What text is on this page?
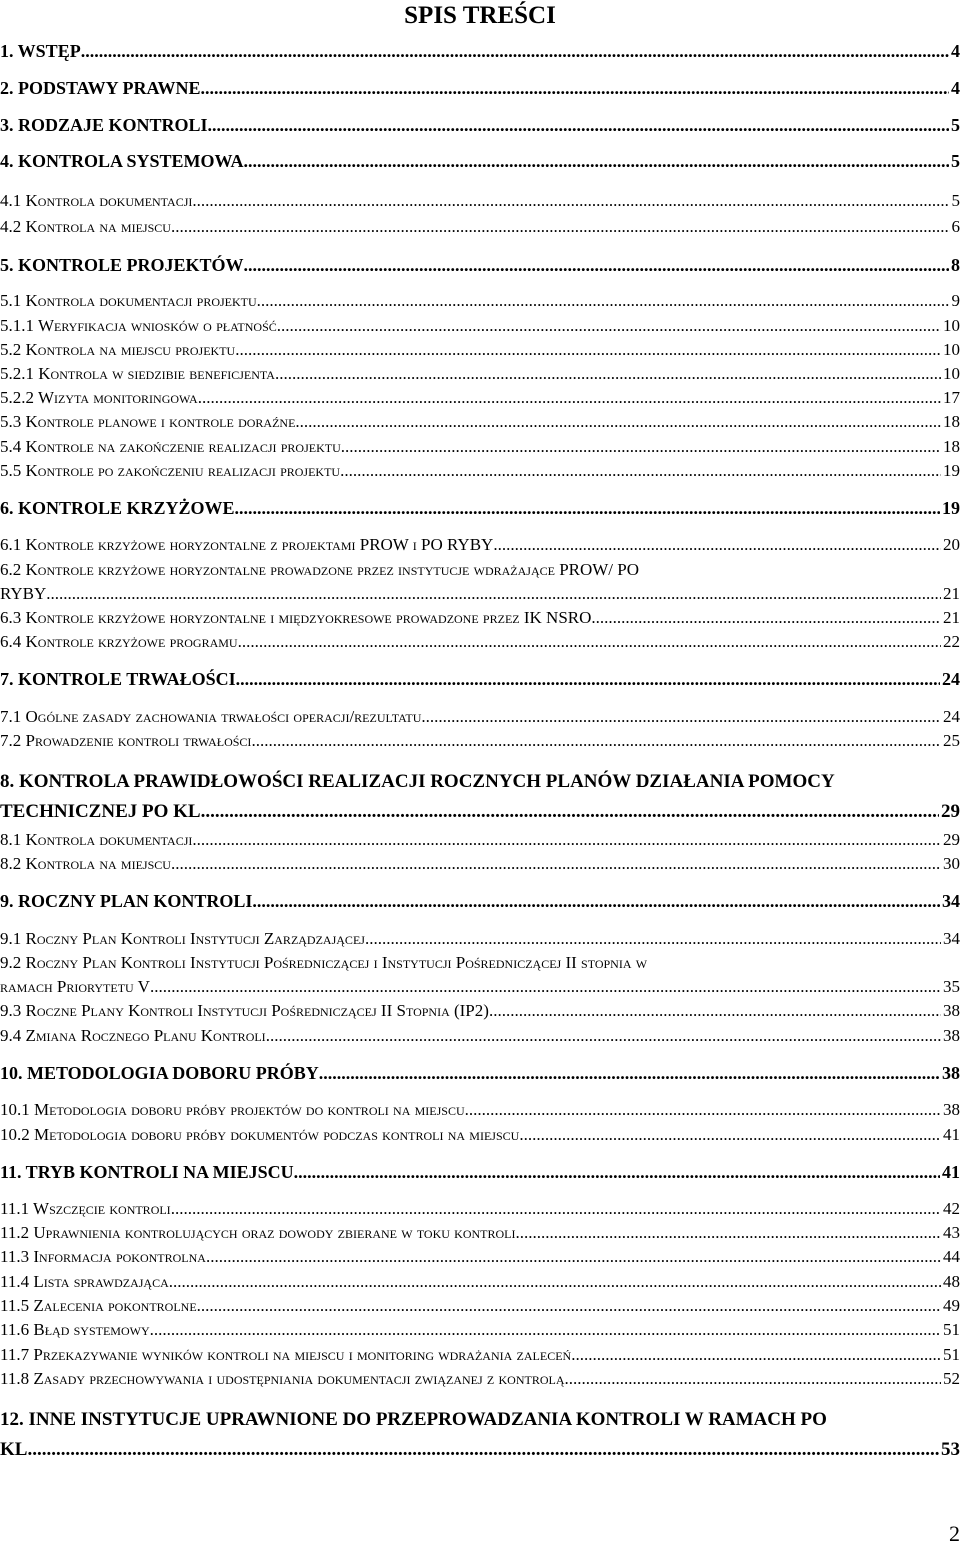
SPIS TREŚCI
1. WSTĘP .....	4
2. PODSTAWY PRAWNE .....	4
3. RODZAJE KONTROLI .....	5
4. KONTROLA SYSTEMOWA .....	5
4.1 Kontrola dokumentacji .....	5
4.2 Kontrola na miejscu .....	6
5. KONTROLE PROJEKTÓW .....	8
5.1 Kontrola dokumentacji projektu .....	9
5.1.1 Weryfikacja wniosków o płatność .....	10
5.2 Kontrola na miejscu projektu .....	10
5.2.1 Kontrola w siedzibie beneficjenta .....	10
5.2.2 Wizyta monitoringowa .....	17
5.3 Kontrole planowe i kontrole doraźne .....	18
5.4 Kontrole na zakończenie realizacji projektu .....	18
5.5 Kontrole po zakończeniu realizacji projektu .....	19
6. KONTROLE KRZYŻOWE .....	19
6.1 Kontrole krzyżowe horyzontalne z projektami PROW i PO RYBY .....	20
6.2 Kontrole krzyżowe horyzontalne prowadzone przez instytucje wdrażające PROW/ PO
RYBY .....	21
6.3 Kontrole krzyżowe horyzontalne i międzyokresowe prowadzone przez IK NSRO .....	21
6.4 Kontrole krzyżowe programu .....	22
7. KONTROLE TRWAŁOŚCI .....	24
7.1 Ogólne zasady zachowania trwałości operacji/rezultatu .....	24
7.2 Prowadzenie kontroli trwałości .....	25
8. KONTROLA PRAWIDŁOWOŚCI REALIZACJI ROCZNYCH PLANÓW DZIAŁANIA POMOCY
TECHNICZNEJ PO KL .....	29
8.1 Kontrola dokumentacji .....	29
8.2 Kontrola na miejscu .....	30
9. ROCZNY PLAN KONTROLI .....	34
9.1 Roczny Plan Kontroli Instytucji Zarządzającej .....	34
9.2 Roczny Plan Kontroli Instytucji Pośredniczącej i Instytucji Pośredniczącej II stopnia w
ramach Priorytetu V .....	35
9.3 Roczne Plany Kontroli Instytucji Pośredniczącej II Stopnia (IP2) .....	38
9.4 Zmiana Rocznego Planu Kontroli .....	38
10. METODOLOGIA DOBORU PRÓBY .....	38
10.1 Metodologia doboru próby projektów do kontroli na miejscu .....	38
10.2 Metodologia doboru próby dokumentów podczas kontroli na miejscu .....	41
11. TRYB KONTROLI NA MIEJSCU .....	41
11.1 Wszczęcie kontroli .....	42
11.2 Uprawnienia kontrolujących oraz dowody zbierane w toku kontroli .....	43
11.3 Informacja pokontrolna .....	44
11.4 Lista sprawdzająca .....	48
11.5 Zalecenia pokontrolne .....	49
11.6 Błąd systemowy .....	51
11.7 Przekazywanie wyników kontroli na miejscu i monitoring wdrażania zaleceń .....	51
11.8 Zasady przechowywania i udostępniania dokumentacji związanej z kontrolą .....	52
12. INNE INSTYTUCJE UPRAWNIONE DO PRZEPROWADZANIA KONTROLI W RAMACH PO
KL .....	53
2
